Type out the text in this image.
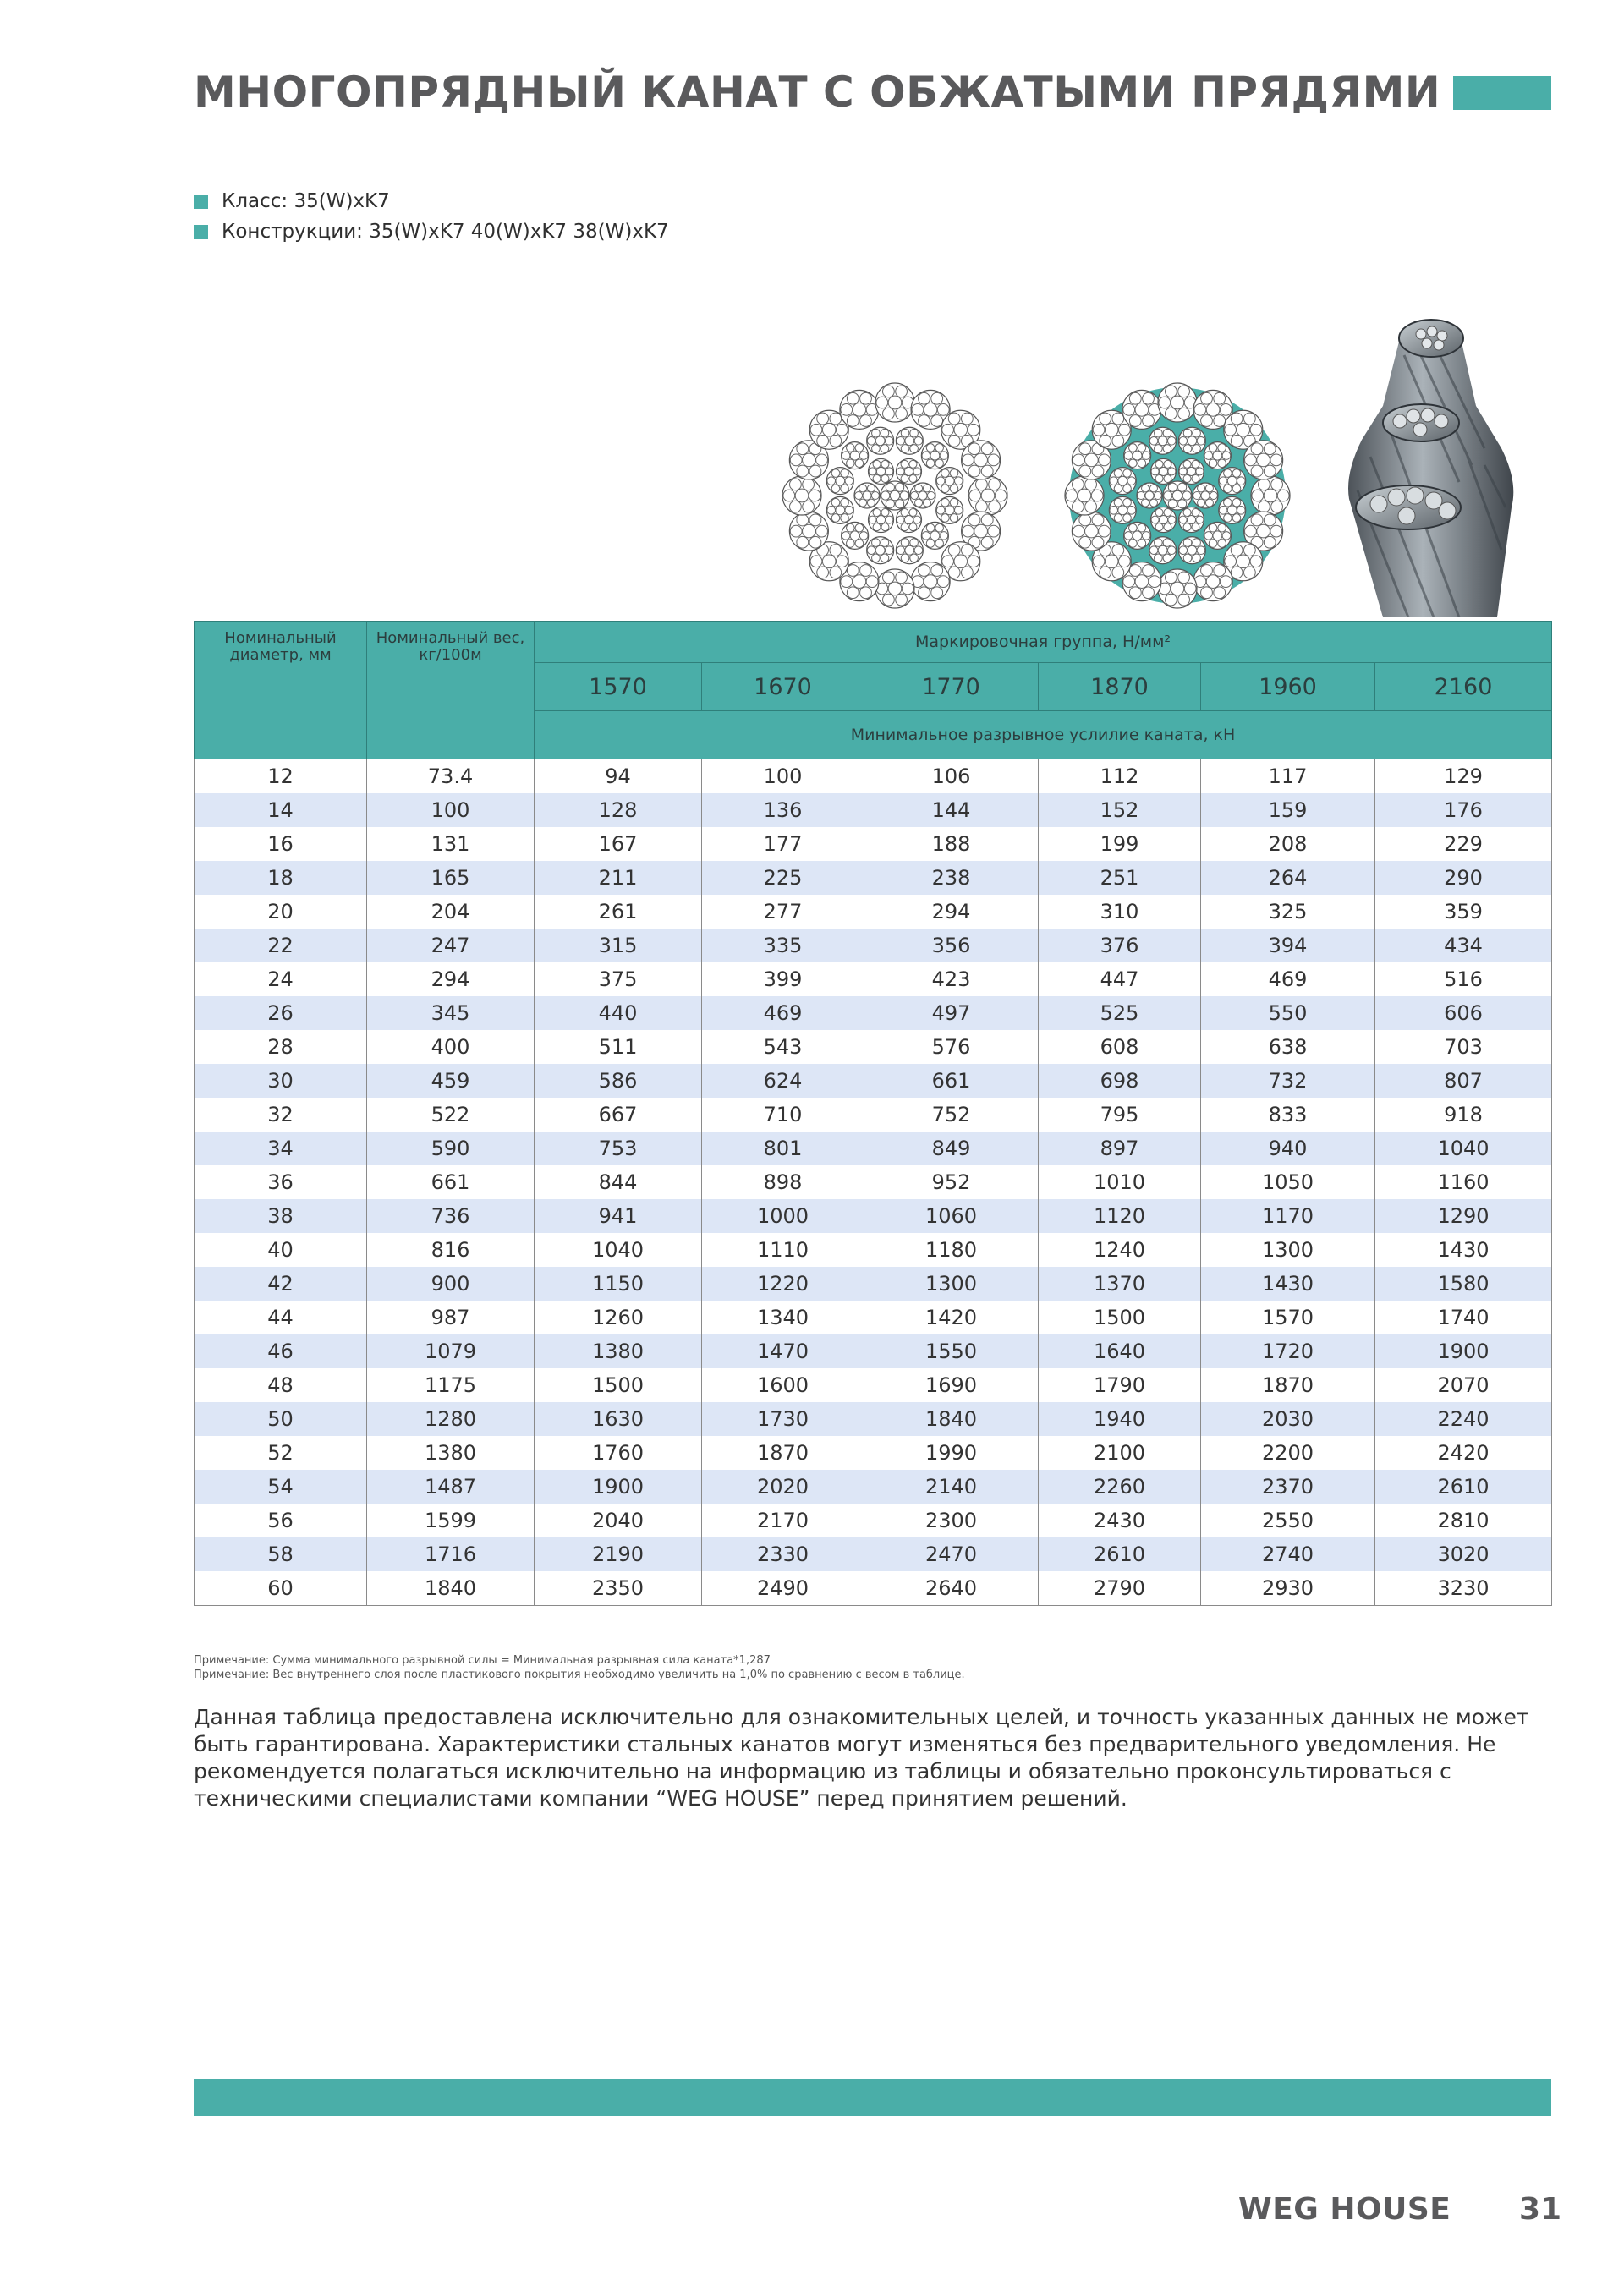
МНОГОПРЯДНЫЙ КАНАТ С ОБЖАТЫМИ ПРЯДЯМИ
Класс: 35(W)xK7
Конструкции: 35(W)xK7 40(W)xK7 38(W)xK7
Номинальный диаметр, мм	Номинальный вес, кг/100м	Маркировочная группа, Н/мм²					
		1570	1670	1770	1870	1960	2160
		Минимальное разрывное услилие каната, кН					
12	73.4	94	100	106	112	117	129
14	100	128	136	144	152	159	176
16	131	167	177	188	199	208	229
18	165	211	225	238	251	264	290
20	204	261	277	294	310	325	359
22	247	315	335	356	376	394	434
24	294	375	399	423	447	469	516
26	345	440	469	497	525	550	606
28	400	511	543	576	608	638	703
30	459	586	624	661	698	732	807
32	522	667	710	752	795	833	918
34	590	753	801	849	897	940	1040
36	661	844	898	952	1010	1050	1160
38	736	941	1000	1060	1120	1170	1290
40	816	1040	1110	1180	1240	1300	1430
42	900	1150	1220	1300	1370	1430	1580
44	987	1260	1340	1420	1500	1570	1740
46	1079	1380	1470	1550	1640	1720	1900
48	1175	1500	1600	1690	1790	1870	2070
50	1280	1630	1730	1840	1940	2030	2240
52	1380	1760	1870	1990	2100	2200	2420
54	1487	1900	2020	2140	2260	2370	2610
56	1599	2040	2170	2300	2430	2550	2810
58	1716	2190	2330	2470	2610	2740	3020
60	1840	2350	2490	2640	2790	2930	3230
Примечание: Сумма минимального разрывной силы = Минимальная разрывная сила каната*1,287
Примечание: Вес внутреннего слоя после пластикового покрытия необходимо увеличить на 1,0% по сравнению с весом в таблице.
Данная таблица предоставлена исключительно для ознакомительных целей, и точность указанных данных не может быть гарантирована. Характеристики стальных канатов могут изменяться без предварительного уведомления. Не рекомендуется полагаться исключительно на информацию из таблицы и обязательно проконсультироваться с техническими специалистами компании “WEG HOUSE” перед принятием решений.
WEG HOUSE 31
